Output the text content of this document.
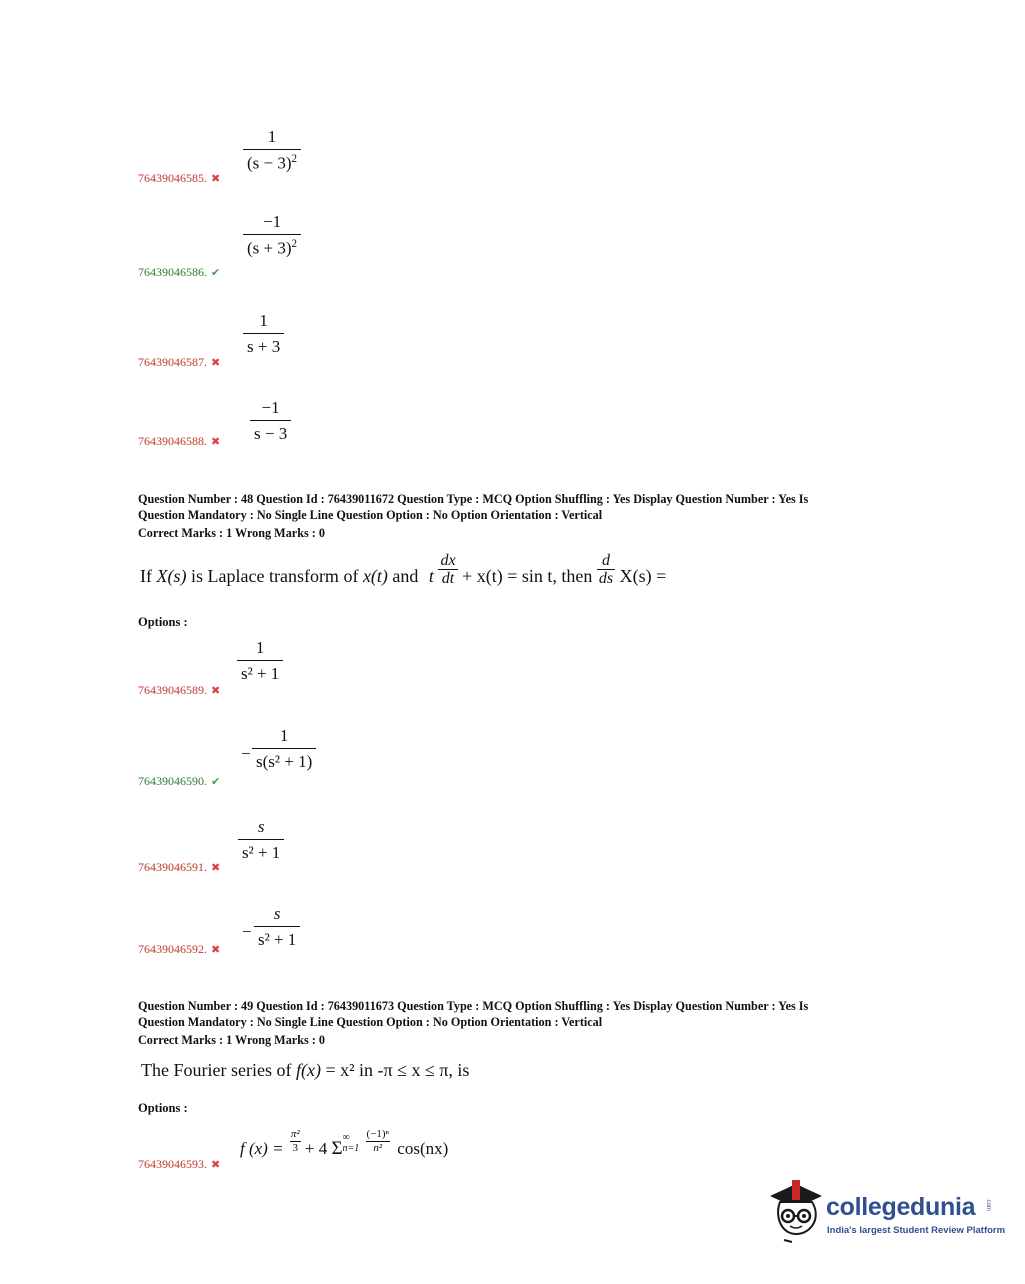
1
$(s - 3)^2$
76439046585. ✖
−1
$(s + 3)^2$
76439046586. ✔
1
s + 3
76439046587. ✖
−1
s − 3
76439046588. ✖
Question Number : 48 Question Id : 76439011672 Question Type : MCQ Option Shuffling : Yes Display Question Number : Yes Is
Question Mandatory : No Single Line Question Option : No Option Orientation : Vertical
Correct Marks : 1 Wrong Marks : 0
If X(s) is Laplace transform of x(t) and t $\frac{dx}{dt} + x(t) = \sin t$, then $\frac{d}{ds} X(s)$ =
Options :
1
s² + 1
76439046589. ✖
−
1
s(s² + 1)
76439046590. ✔
s
s² + 1
76439046591. ✖
−
s
s² + 1
76439046592. ✖
Question Number : 49 Question Id : 76439011673 Question Type : MCQ Option Shuffling : Yes Display Question Number : Yes Is
Question Mandatory : No Single Line Question Option : No Option Orientation : Vertical
Correct Marks : 1 Wrong Marks : 0
The Fourier series of f(x) = x² in -π ≤ x ≤ π, is
Options :
f $(x) = \frac{\text{π²}}{3} + 4$ Σ
∞
n=1
$\frac{\text{(−1)ⁿ}}{\text{n²}} \cos(nx)$
76439046593. ✖
collegedunia .com
India's largest Student Review Platform
